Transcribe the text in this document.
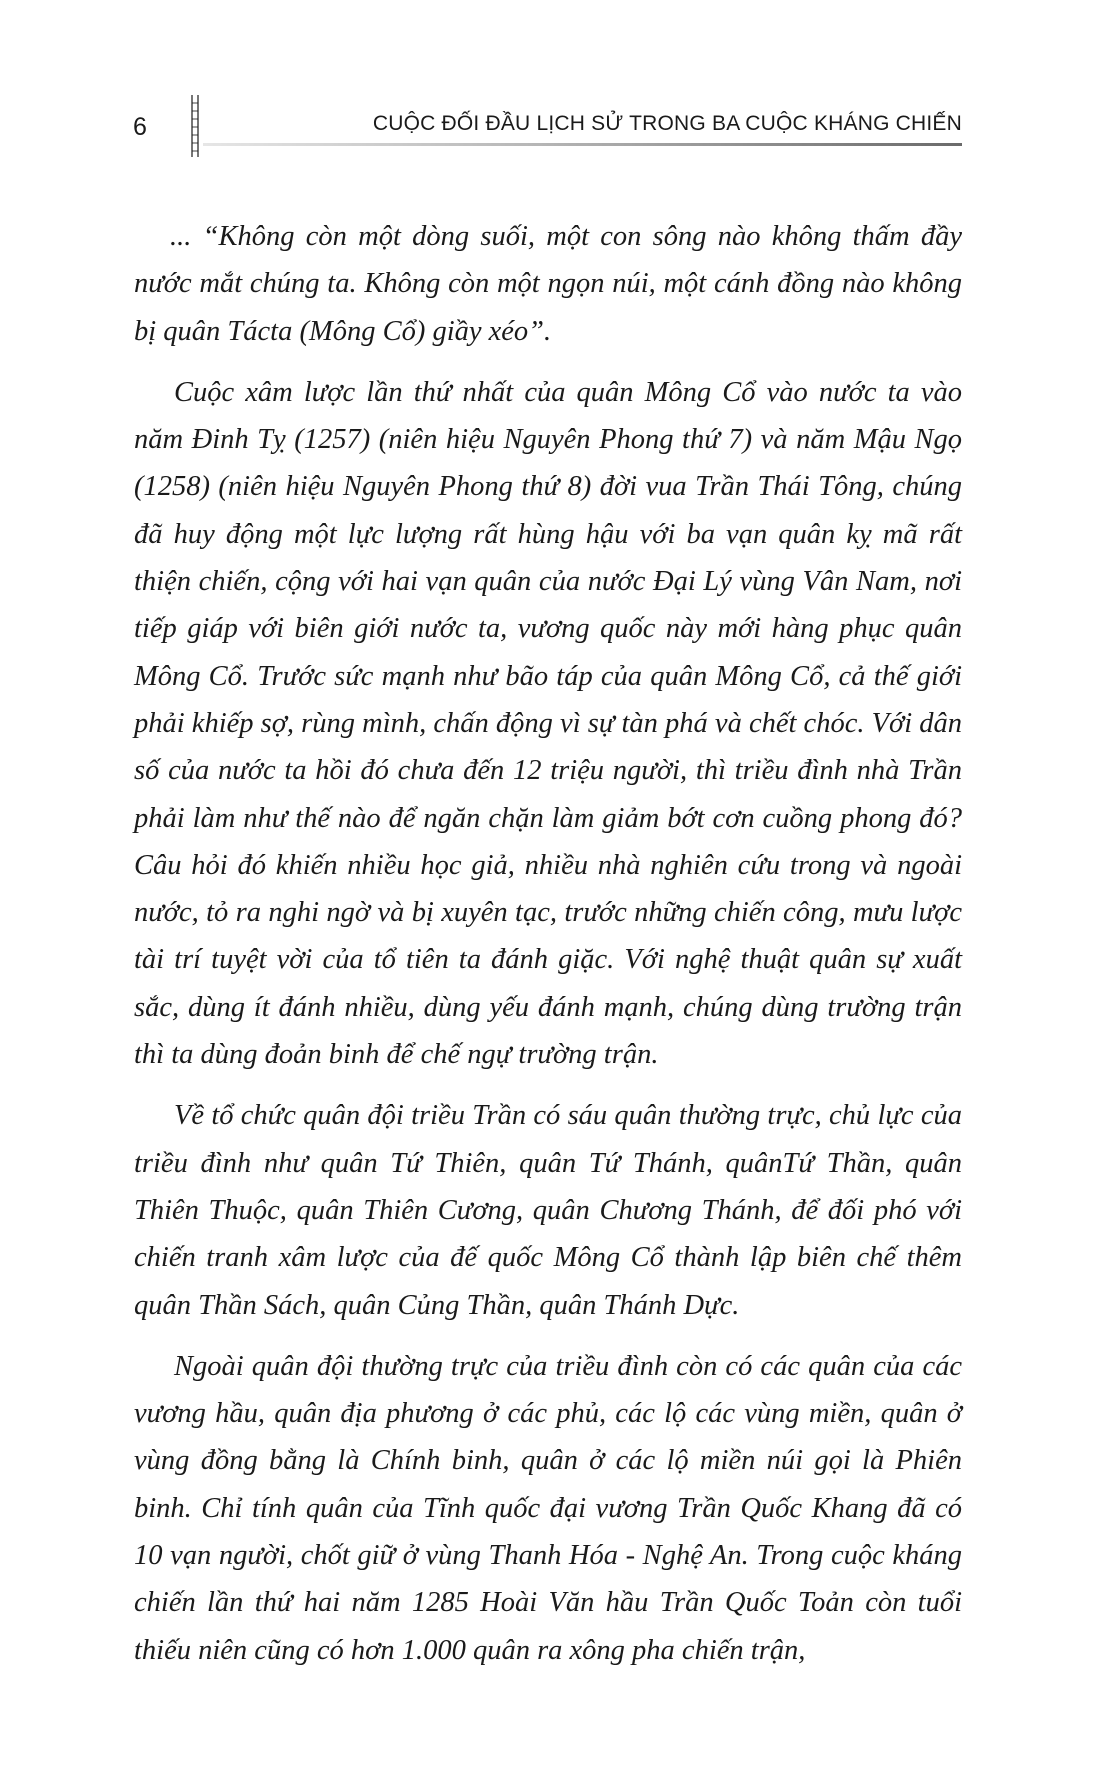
6	CUỘC ĐỐI ĐẦU LỊCH SỬ TRONG BA CUỘC KHÁNG CHIẾN

... “Không còn một dòng suối, một con sông nào không thấm đầy nước mắt chúng ta. Không còn một ngọn núi, một cánh đồng nào không bị quân Tácta (Mông Cổ) giầy xéo”.

Cuộc xâm lược lần thứ nhất của quân Mông Cổ vào nước ta vào năm Đinh Tỵ (1257) (niên hiệu Nguyên Phong thứ 7) và năm Mậu Ngọ (1258) (niên hiệu Nguyên Phong thứ 8) đời vua Trần Thái Tông, chúng đã huy động một lực lượng rất hùng hậu với ba vạn quân kỵ mã rất thiện chiến, cộng với hai vạn quân của nước Đại Lý vùng Vân Nam, nơi tiếp giáp với biên giới nước ta, vương quốc này mới hàng phục quân Mông Cổ. Trước sức mạnh như bão táp của quân Mông Cổ, cả thế giới phải khiếp sợ, rùng mình, chấn động vì sự tàn phá và chết chóc. Với dân số của nước ta hồi đó chưa đến 12 triệu người, thì triều đình nhà Trần phải làm như thế nào để ngăn chặn làm giảm bớt cơn cuồng phong đó? Câu hỏi đó khiến nhiều học giả, nhiều nhà nghiên cứu trong và ngoài nước, tỏ ra nghi ngờ và bị xuyên tạc, trước những chiến công, mưu lược tài trí tuyệt vời của tổ tiên ta đánh giặc. Với nghệ thuật quân sự xuất sắc, dùng ít đánh nhiều, dùng yếu đánh mạnh, chúng dùng trường trận thì ta dùng đoản binh để chế ngự trường trận.

Về tổ chức quân đội triều Trần có sáu quân thường trực, chủ lực của triều đình như quân Tứ Thiên, quân Tứ Thánh, quânTứ Thần, quân Thiên Thuộc, quân Thiên Cương, quân Chương Thánh, để đối phó với chiến tranh xâm lược của đế quốc Mông Cổ thành lập biên chế thêm quân Thần Sách, quân Củng Thần, quân Thánh Dực.

Ngoài quân đội thường trực của triều đình còn có các quân của các vương hầu, quân địa phương ở các phủ, các lộ các vùng miền, quân ở vùng đồng bằng là Chính binh, quân ở các lộ miền núi gọi là Phiên binh. Chỉ tính quân của Tĩnh quốc đại vương Trần Quốc Khang đã có 10 vạn người, chốt giữ ở vùng Thanh Hóa - Nghệ An. Trong cuộc kháng chiến lần thứ hai năm 1285 Hoài Văn hầu Trần Quốc Toản còn tuổi thiếu niên cũng có hơn 1.000 quân ra xông pha chiến trận,
